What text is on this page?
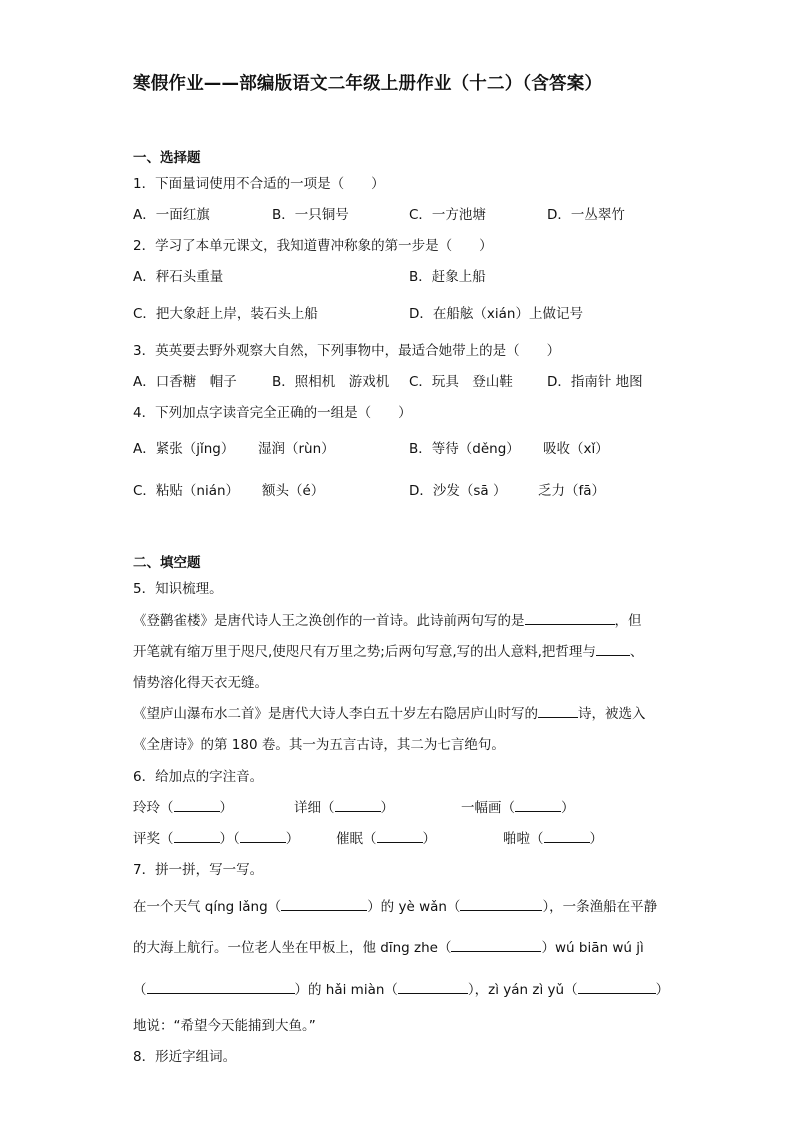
寒假作业——部编版语文二年级上册作业（十二）（含答案）
一、选择题
1．下面量词使用不合适的一项是（　　）
A．一面红旗	B．一只铜号	C．一方池塘	D．一丛翠竹
2．学习了本单元课文，我知道曹冲称象的第一步是（　　）
A．秤石头重量	B．赶象上船
C．把大象赶上岸，装石头上船	D．在船舷（xián）上做记号
3．英英要去野外观察大自然，下列事物中，最适合她带上的是（　　）
A．口香糖　帽子	B．照相机　游戏机 C．玩具　登山鞋	D．指南针 地图
4．下列加点字读音完全正确的一组是（　　）
A．紧张（jǐng） 湿润（rùn）	B．等待（děng） 吸收（xǐ）
C．粘贴（nián） 额头（é）	D．沙发（sā ） 乏力（fā）
二、填空题
5．知识梳理。
《登鹳雀楼》是唐代诗人王之涣创作的一首诗。此诗前两句写的是	，但
开笔就有缩万里于咫尺,使咫尺有万里之势;后两句写意,写的出人意料,把哲理与	、
情势溶化得天衣无缝。
《望庐山瀑布水二首》是唐代大诗人李白五十岁左右隐居庐山时写的	诗，被选入
《全唐诗》的第 180 卷。其一为五言古诗，其二为七言绝句。
6．给加点的字注音。
玲玲（	）	详细（	）	一幅画（	）
评奖（	）（	）	催眠（	）	啪啦（	）
7．拼一拼，写一写。
在一个天气 qíng lǎng（	）的 yè wǎn（	），一条渔船在平静
的大海上航行。一位老人坐在甲板上，他 dīng zhe（	）wú biān wú jì
（	）的 hǎi miàn（	），zì yán zì yǔ（	）
地说：“希望今天能捕到大鱼。”
8．形近字组词。
